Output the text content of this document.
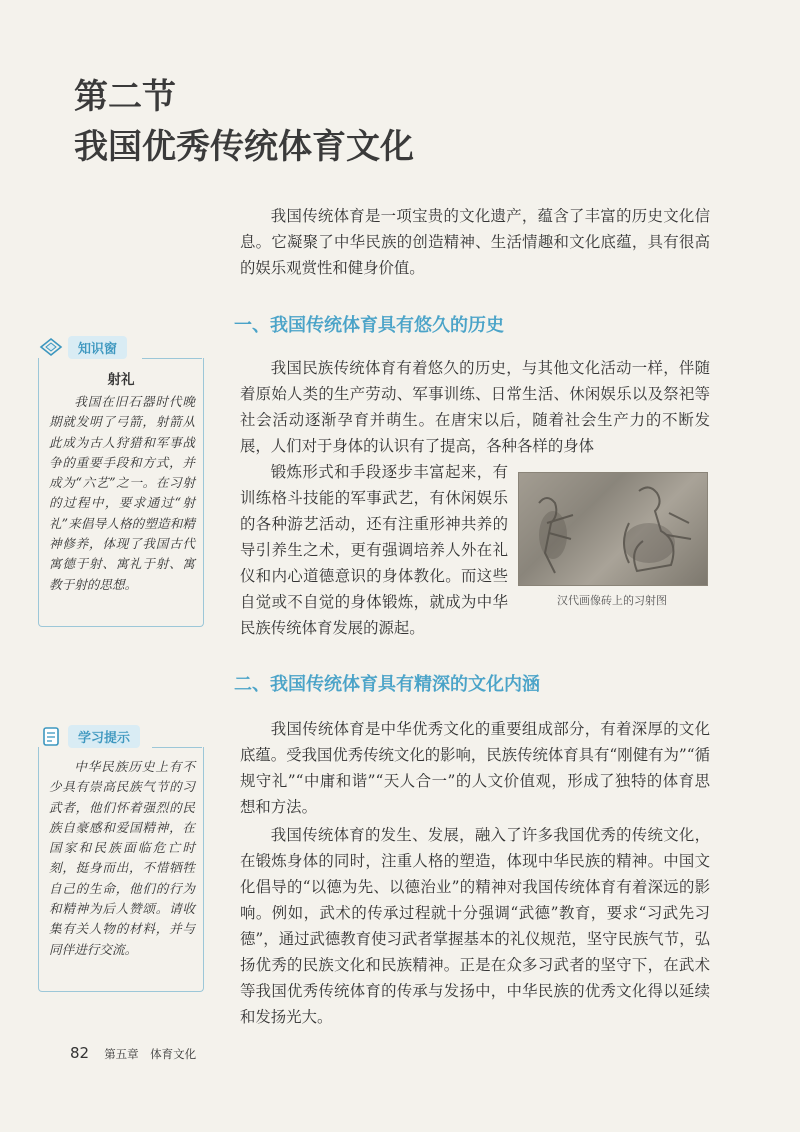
第二节
我国优秀传统体育文化

我国传统体育是一项宝贵的文化遗产，蕴含了丰富的历史文化信息。它凝聚了中华民族的创造精神、生活情趣和文化底蕴，具有很高的娱乐观赏性和健身价值。

一、我国传统体育具有悠久的历史

我国民族传统体育有着悠久的历史，与其他文化活动一样，伴随着原始人类的生产劳动、军事训练、日常生活、休闲娱乐以及祭祀等社会活动逐渐孕育并萌生。在唐宋以后，随着社会生产力的不断发展，人们对于身体的认识有了提高，各种各样的身体

锻炼形式和手段逐步丰富起来，有训练格斗技能的军事武艺，有休闲娱乐的各种游艺活动，还有注重形神共养的导引养生之术，更有强调培养人外在礼仪和内心道德意识的身体教化。而这些自觉或不自觉的身体锻炼，就成为中华民族传统体育发展的源起。

汉代画像砖上的习射图
二、我国传统体育具有精深的文化内涵

我国传统体育是中华优秀文化的重要组成部分，有着深厚的文化底蕴。受我国优秀传统文化的影响，民族传统体育具有“刚健有为”“循规守礼”“中庸和谐”“天人合一”的人文价值观，形成了独特的体育思想和方法。

我国传统体育的发生、发展，融入了许多我国优秀的传统文化，在锻炼身体的同时，注重人格的塑造，体现中华民族的精神。中国文化倡导的“以德为先、以德治业”的精神对我国传统体育有着深远的影响。例如，武术的传承过程就十分强调“武德”教育，要求“习武先习德”，通过武德教育使习武者掌握基本的礼仪规范，坚守民族气节，弘扬优秀的民族文化和民族精神。正是在众多习武者的坚守下，在武术等我国优秀传统体育的传承与发扬中，中华民族的优秀文化得以延续和发扬光大。

知识窗
射礼

我国在旧石器时代晚期就发明了弓箭，射箭从此成为古人狩猎和军事战争的重要手段和方式，并成为“六艺”之一。在习射的过程中，要求通过“射礼”来倡导人格的塑造和精神修养，体现了我国古代寓德于射、寓礼于射、寓教于射的思想。

学习提示

中华民族历史上有不少具有崇高民族气节的习武者，他们怀着强烈的民族自豪感和爱国精神，在国家和民族面临危亡时刻，挺身而出，不惜牺牲自己的生命，他们的行为和精神为后人赞颂。请收集有关人物的材料，并与同伴进行交流。

82 第五章　体育文化
